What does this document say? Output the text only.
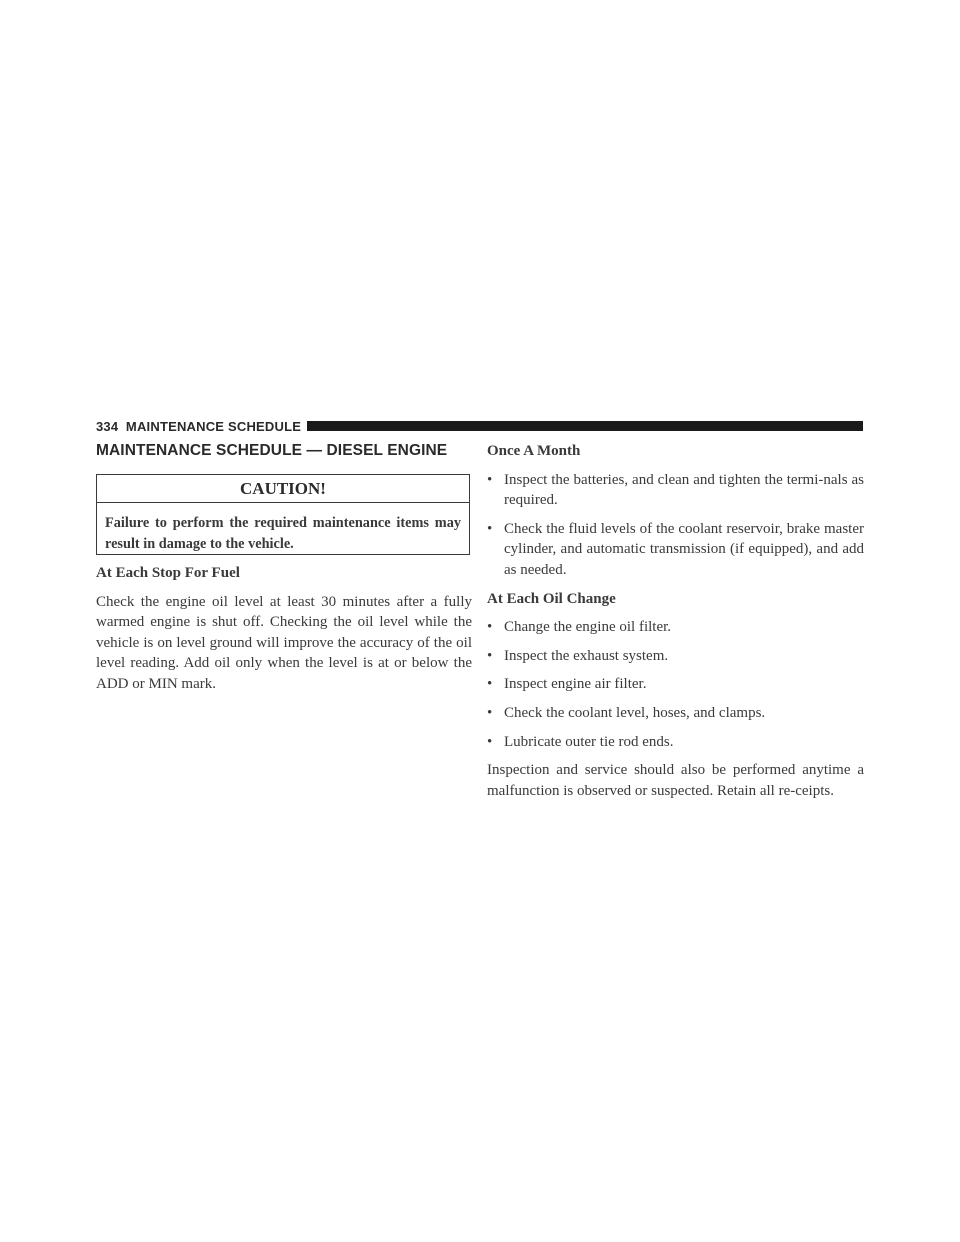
334 MAINTENANCE SCHEDULE
MAINTENANCE SCHEDULE — DIESEL ENGINE
CAUTION!
Failure to perform the required maintenance items may result in damage to the vehicle.

At Each Stop For Fuel

Check the engine oil level at least 30 minutes after a fully warmed engine is shut off. Checking the oil level while the vehicle is on level ground will improve the accuracy of the oil level reading. Add oil only when the level is at or below the ADD or MIN mark.

Once A Month

• Inspect the batteries, and clean and tighten the termi-nals as required.
• Check the fluid levels of the coolant reservoir, brake master cylinder, and automatic transmission (if equipped), and add as needed.

At Each Oil Change

• Change the engine oil filter.
• Inspect the exhaust system.
• Inspect engine air filter.
• Check the coolant level, hoses, and clamps.
• Lubricate outer tie rod ends.

Inspection and service should also be performed anytime a malfunction is observed or suspected. Retain all re-ceipts.
